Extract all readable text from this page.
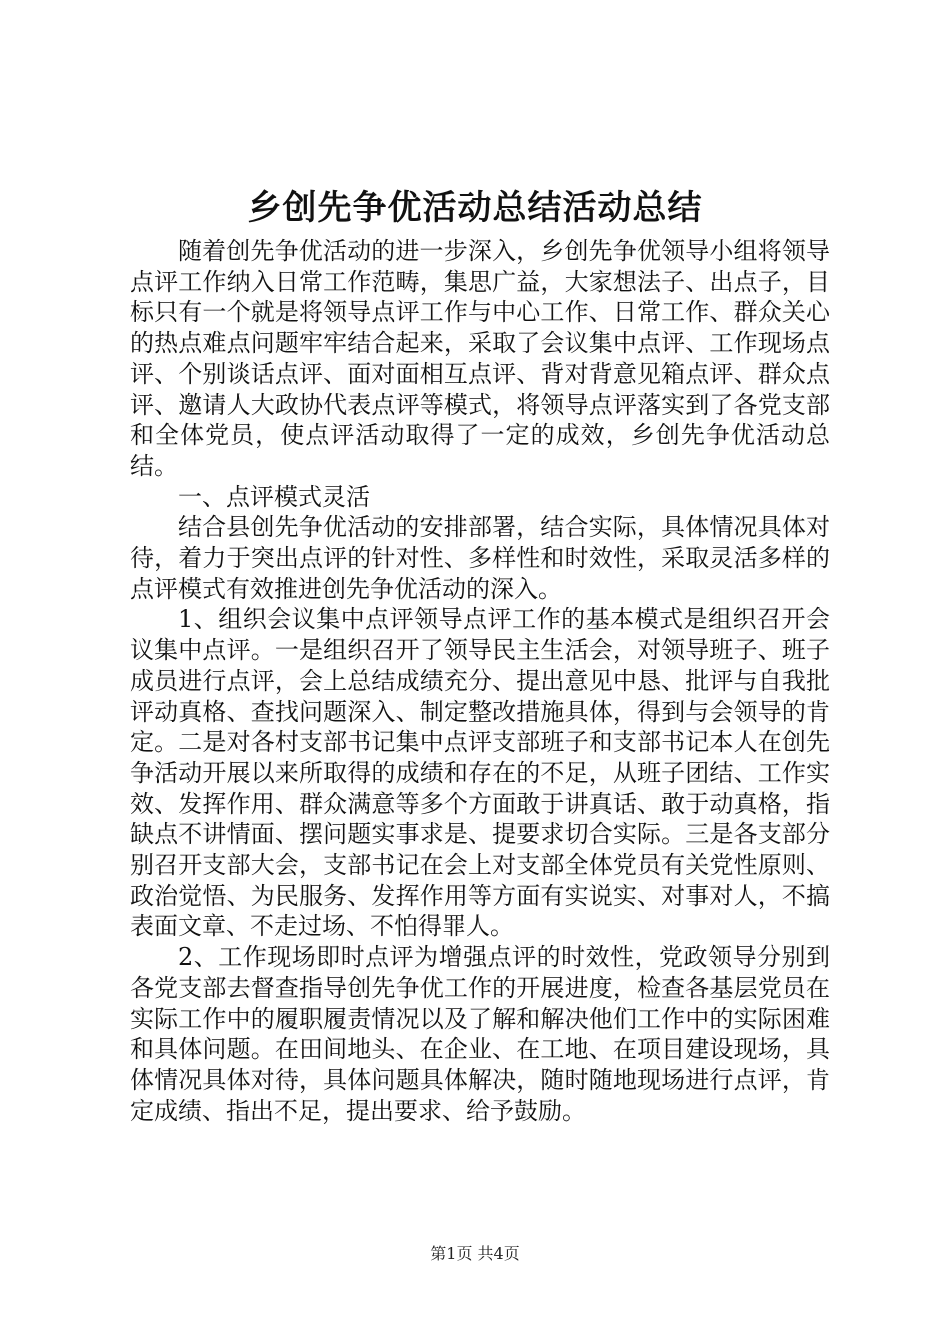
乡创先争优活动总结活动总结

随着创先争优活动的进一步深入，乡创先争优领导小组将领导点评工作纳入日常工作范畴，集思广益，大家想法子、出点子，目标只有一个就是将领导点评工作与中心工作、日常工作、群众关心的热点难点问题牢牢结合起来，采取了会议集中点评、工作现场点评、个别谈话点评、面对面相互点评、背对背意见箱点评、群众点评、邀请人大政协代表点评等模式，将领导点评落实到了各党支部和全体党员，使点评活动取得了一定的成效，乡创先争优活动总结。

一、点评模式灵活

结合县创先争优活动的安排部署，结合实际，具体情况具体对待，着力于突出点评的针对性、多样性和时效性，采取灵活多样的点评模式有效推进创先争优活动的深入。

1、组织会议集中点评领导点评工作的基本模式是组织召开会议集中点评。一是组织召开了领导民主生活会，对领导班子、班子成员进行点评，会上总结成绩充分、提出意见中恳、批评与自我批评动真格、查找问题深入、制定整改措施具体，得到与会领导的肯定。二是对各村支部书记集中点评支部班子和支部书记本人在创先争活动开展以来所取得的成绩和存在的不足，从班子团结、工作实效、发挥作用、群众满意等多个方面敢于讲真话、敢于动真格，指缺点不讲情面、摆问题实事求是、提要求切合实际。三是各支部分别召开支部大会，支部书记在会上对支部全体党员有关党性原则、政治觉悟、为民服务、发挥作用等方面有实说实、对事对人，不搞表面文章、不走过场、不怕得罪人。

2、工作现场即时点评为增强点评的时效性，党政领导分别到各党支部去督查指导创先争优工作的开展进度，检查各基层党员在实际工作中的履职履责情况以及了解和解决他们工作中的实际困难和具体问题。在田间地头、在企业、在工地、在项目建设现场，具体情况具体对待，具体问题具体解决，随时随地现场进行点评，肯定成绩、指出不足，提出要求、给予鼓励。

第1页 共4页
